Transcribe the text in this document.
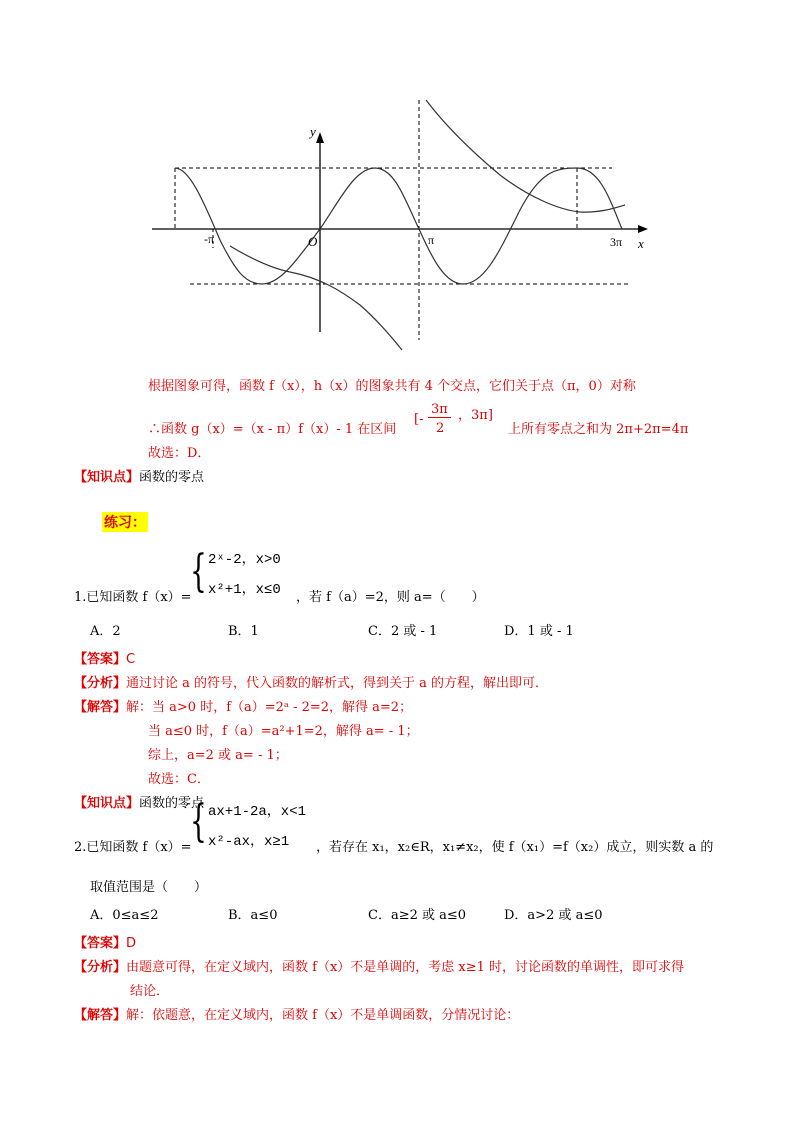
y
x
-π	O	π	3π
根据图象可得，函数 f（x），h（x）的图象共有 4 个交点，它们关于点（π，0）对称
∴函数 g（x）=（x - π）f（x）- 1 在区间
[-
3π
2
，3π]
上所有零点之和为 2π+2π=4π
故选：D．
【知识点】函数的零点
练习：
1.已知函数 f（x）=
{ 2ˣ-2，x>0
x²+1，x≤0 ，若 f（a）=2，则 a=（　　）
A．2	B．1	C．2 或 - 1	D．1 或 - 1
【答案】C
【分析】通过讨论 a 的符号，代入函数的解析式，得到关于 a 的方程，解出即可．
【解答】解：当 a>0 时，f（a）=2ᵃ - 2=2，解得 a=2；
当 a≤0 时，f（a）=a²+1=2，解得 a= - 1；
综上，a=2 或 a= - 1；
故选：C．
【知识点】函数的零点
2.已知函数 f（x）=
{ ax+1-2a，x<1
x²-ax，x≥1 ，若存在 x₁，x₂∈R，x₁≠x₂，使 f（x₁）=f（x₂）成立，则实数 a 的
取值范围是（　　）
A．0≤a≤2	B．a≤0	C．a≥2 或 a≤0	D．a>2 或 a≤0
【答案】D
【分析】由题意可得，在定义域内，函数 f（x）不是单调的，考虑 x≥1 时，讨论函数的单调性，即可求得
结论．
【解答】解：依题意，在定义域内，函数 f（x）不是单调函数，分情况讨论：
